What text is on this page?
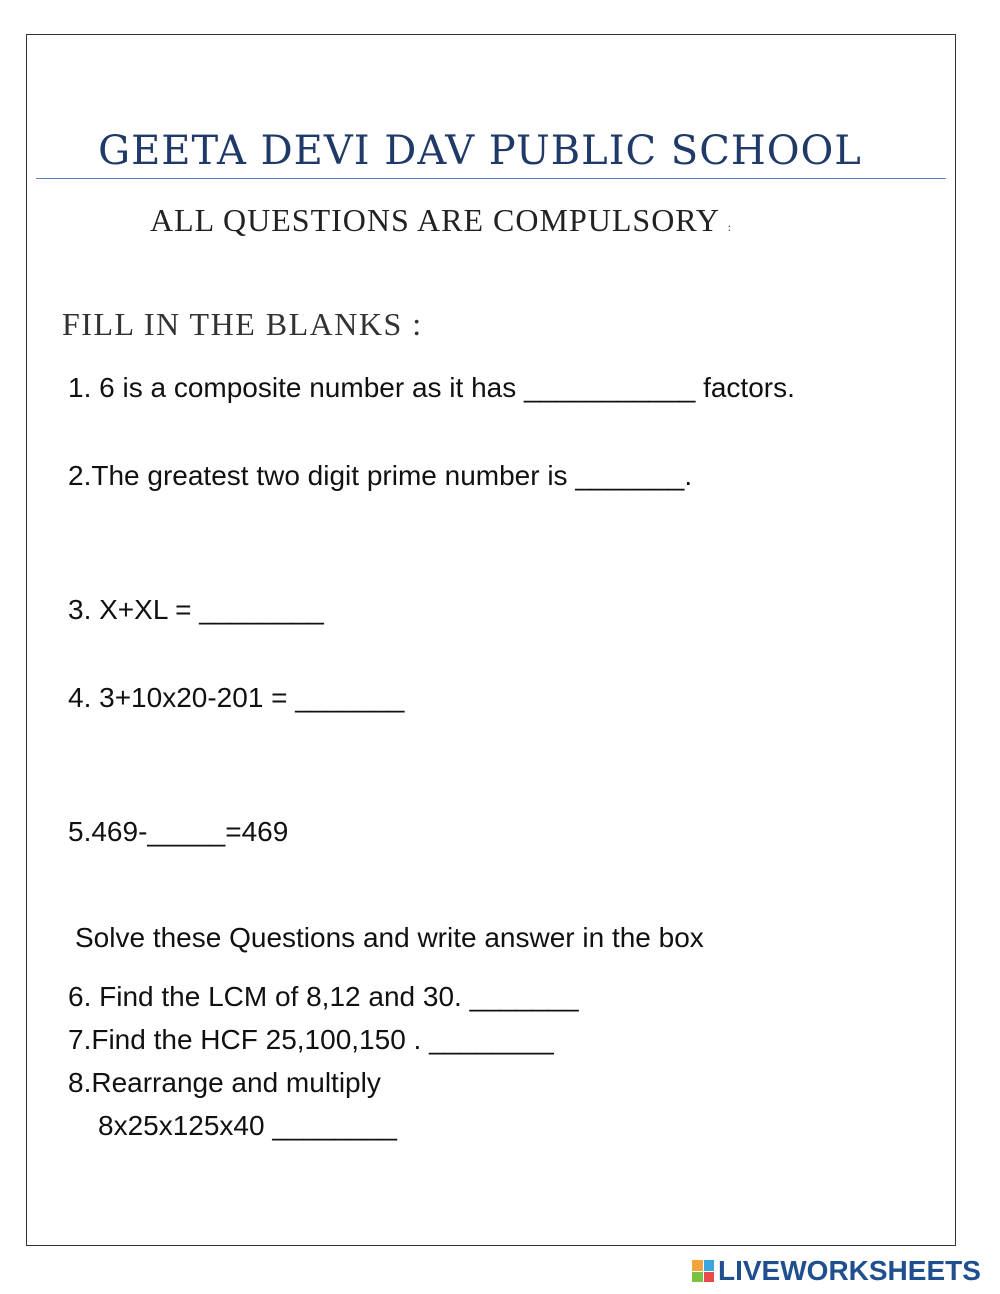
GEETA DEVI DAV PUBLIC SCHOOL
ALL QUESTIONS ARE COMPULSORY :
FILL IN THE BLANKS :
1. 6 is a composite number as it has ___________ factors.
2.The greatest two digit prime number is _______.
3. X+XL = ________
4. 3+10x20-201 = _______
5.469-_____=469
Solve these Questions and write answer in the box
6. Find the LCM of 8,12 and 30. _______
7.Find the HCF 25,100,150 . ________
8.Rearrange and multiply
8x25x125x40 ________
LIVEWORKSHEETS
